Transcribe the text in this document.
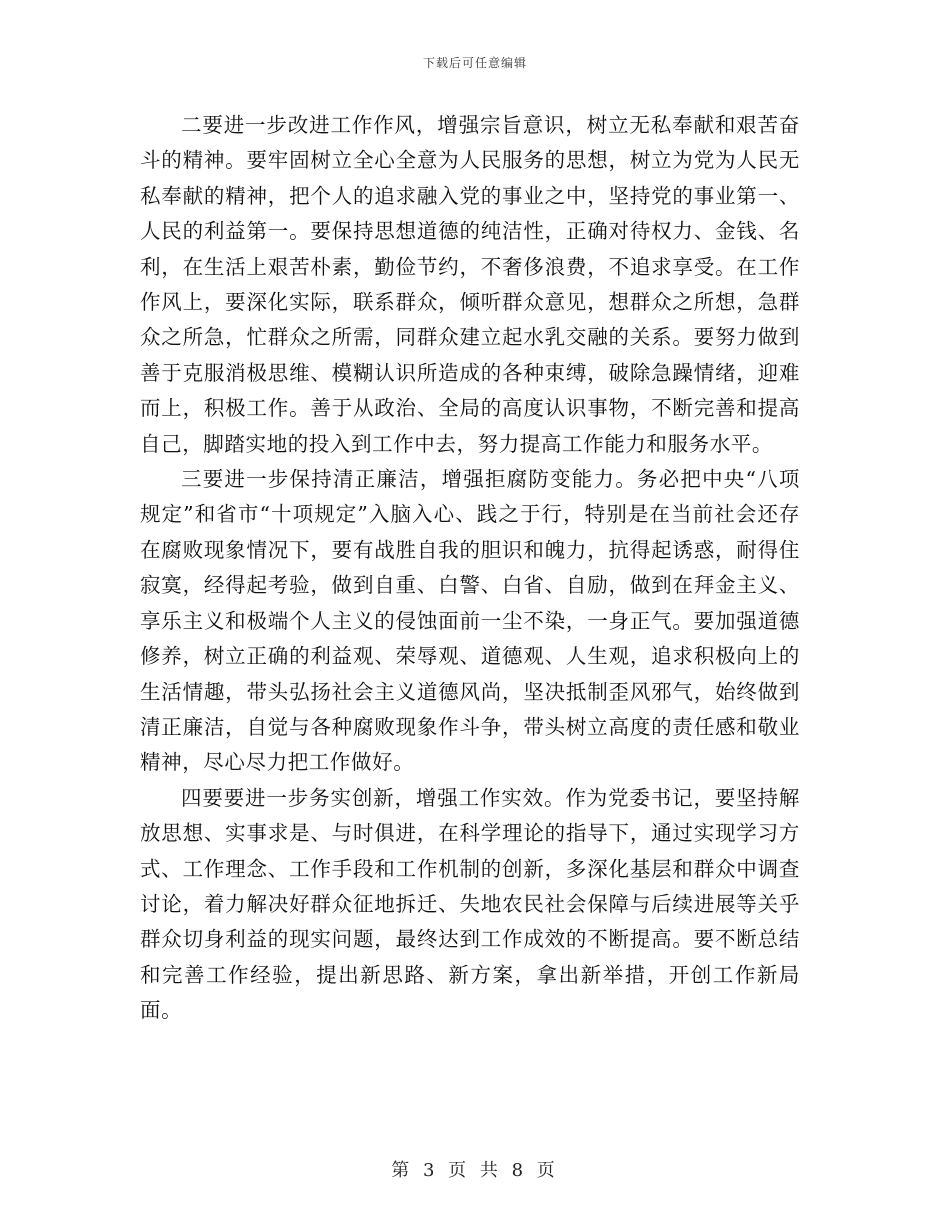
下载后可任意编辑

二要进一步改进工作作风，增强宗旨意识，树立无私奉献和艰苦奋斗的精神。要牢固树立全心全意为人民服务的思想，树立为党为人民无私奉献的精神，把个人的追求融入党的事业之中，坚持党的事业第一、人民的利益第一。要保持思想道德的纯洁性，正确对待权力、金钱、名利，在生活上艰苦朴素，勤俭节约，不奢侈浪费，不追求享受。在工作作风上，要深化实际，联系群众，倾听群众意见，想群众之所想，急群众之所急，忙群众之所需，同群众建立起水乳交融的关系。要努力做到善于克服消极思维、模糊认识所造成的各种束缚，破除急躁情绪，迎难而上，积极工作。善于从政治、全局的高度认识事物，不断完善和提高自己，脚踏实地的投入到工作中去，努力提高工作能力和服务水平。

三要进一步保持清正廉洁，增强拒腐防变能力。务必把中央“八项规定”和省市“十项规定”入脑入心、践之于行，特别是在当前社会还存在腐败现象情况下，要有战胜自我的胆识和魄力，抗得起诱惑，耐得住寂寞，经得起考验，做到自重、白警、白省、自励，做到在拜金主义、享乐主义和极端个人主义的侵蚀面前一尘不染，一身正气。要加强道德修养，树立正确的利益观、荣辱观、道德观、人生观，追求积极向上的生活情趣，带头弘扬社会主义道德风尚，坚决抵制歪风邪气，始终做到清正廉洁，自觉与各种腐败现象作斗争，带头树立高度的责任感和敬业精神，尽心尽力把工作做好。

四要要进一步务实创新，增强工作实效。作为党委书记，要坚持解放思想、实事求是、与时俱进，在科学理论的指导下，通过实现学习方式、工作理念、工作手段和工作机制的创新，多深化基层和群众中调查讨论，着力解决好群众征地拆迁、失地农民社会保障与后续进展等关乎群众切身利益的现实问题，最终达到工作成效的不断提高。要不断总结和完善工作经验，提出新思路、新方案，拿出新举措，开创工作新局面。

第 3 页 共 8 页
